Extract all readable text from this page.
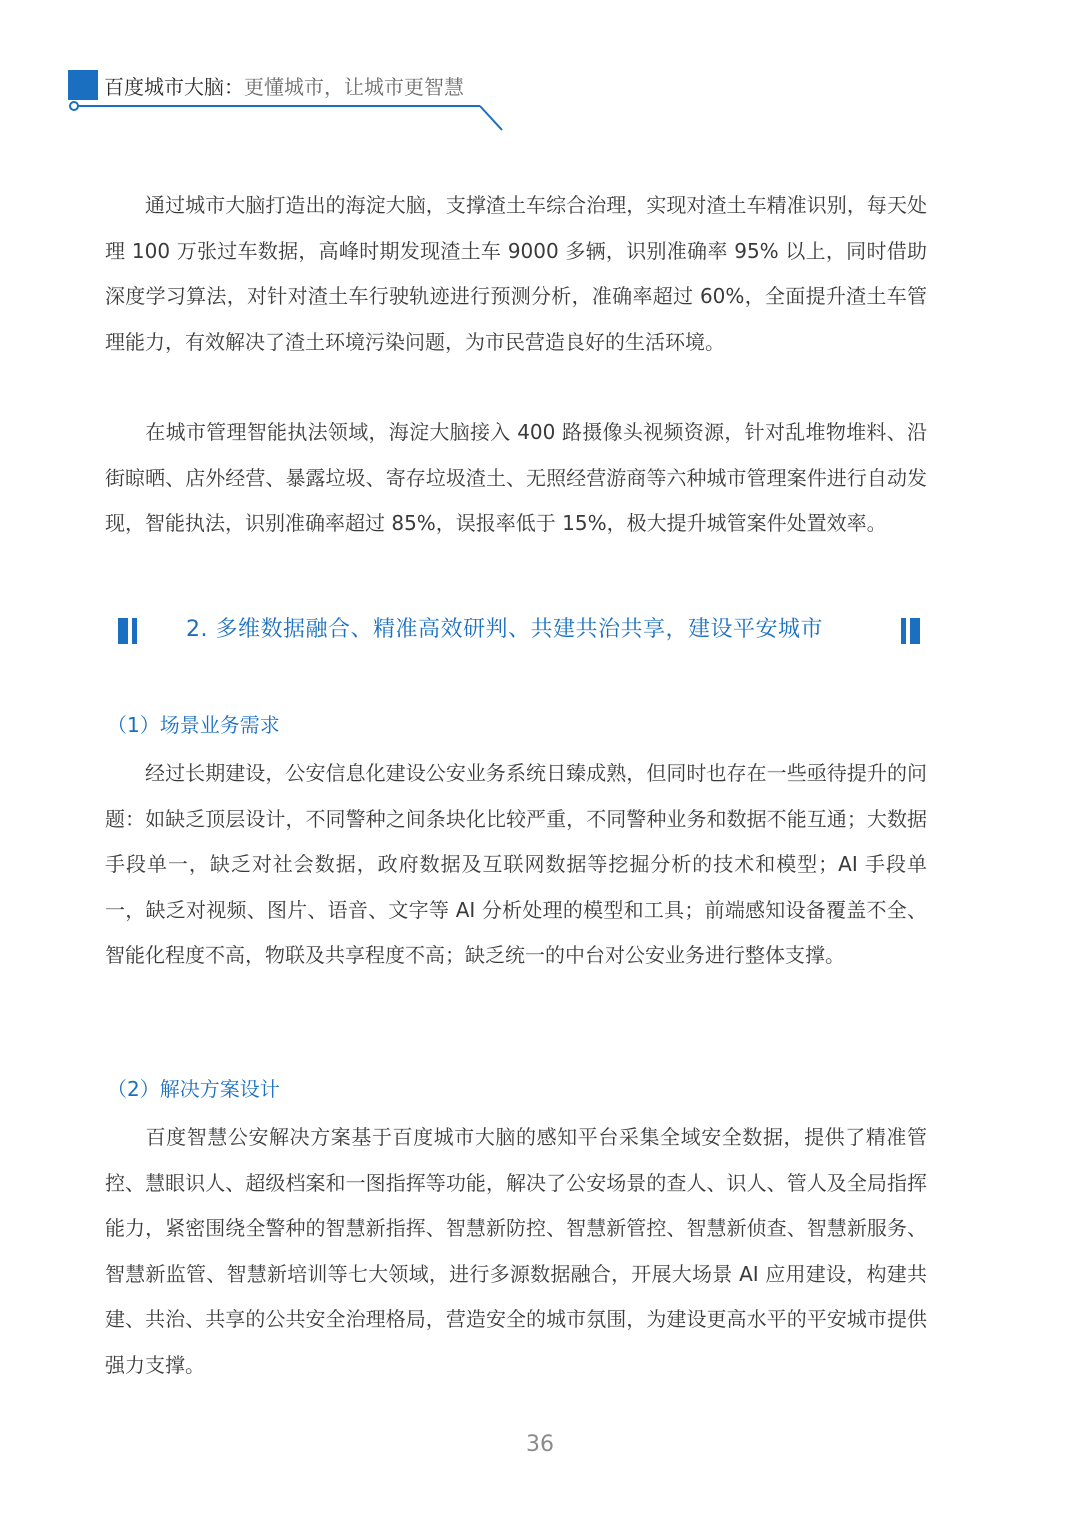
百度城市大脑：更懂城市，让城市更智慧

通过城市大脑打造出的海淀大脑，支撑渣土车综合治理，实现对渣土车精准识别，每天处理 100 万张过车数据，高峰时期发现渣土车 9000 多辆，识别准确率 95% 以上，同时借助深度学习算法，对针对渣土车行驶轨迹进行预测分析，准确率超过 60%，全面提升渣土车管理能力，有效解决了渣土环境污染问题，为市民营造良好的生活环境。

在城市管理智能执法领域，海淀大脑接入 400 路摄像头视频资源，针对乱堆物堆料、沿街晾晒、店外经营、暴露垃圾、寄存垃圾渣土、无照经营游商等六种城市管理案件进行自动发现，智能执法，识别准确率超过 85%，误报率低于 15%，极大提升城管案件处置效率。

2. 多维数据融合、精准高效研判、共建共治共享，建设平安城市
（1）场景业务需求

经过长期建设，公安信息化建设公安业务系统日臻成熟，但同时也存在一些亟待提升的问题：如缺乏顶层设计，不同警种之间条块化比较严重，不同警种业务和数据不能互通；大数据手段单一，缺乏对社会数据，政府数据及互联网数据等挖掘分析的技术和模型；AI 手段单一，缺乏对视频、图片、语音、文字等 AI 分析处理的模型和工具；前端感知设备覆盖不全、智能化程度不高，物联及共享程度不高；缺乏统一的中台对公安业务进行整体支撑。

（2）解决方案设计

百度智慧公安解决方案基于百度城市大脑的感知平台采集全域安全数据，提供了精准管控、慧眼识人、超级档案和一图指挥等功能，解决了公安场景的查人、识人、管人及全局指挥能力，紧密围绕全警种的智慧新指挥、智慧新防控、智慧新管控、智慧新侦查、智慧新服务、智慧新监管、智慧新培训等七大领域，进行多源数据融合，开展大场景 AI 应用建设，构建共建、共治、共享的公共安全治理格局，营造安全的城市氛围，为建设更高水平的平安城市提供强力支撑。

36
